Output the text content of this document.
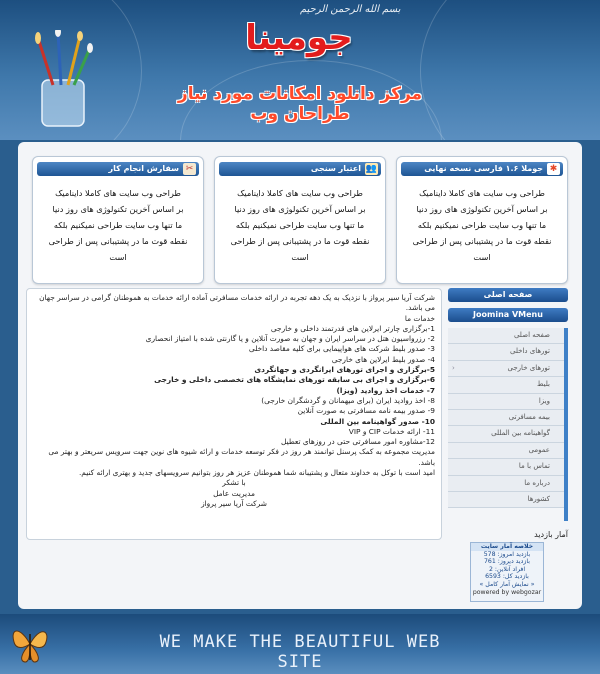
بسم الله الرحمن الرحيم
جومینا
مرکز دانلود امکانات مورد نیاز طراحان وب
جوملا ۱.۶ فارسی نسخه نهایی ✱
طراحی وب سایت های کاملا داینامیک
بر اساس آخرین تکنولوژی های روز دنیا
ما تنها وب سایت طراحی نمیکنیم بلکه
نقطه قوت ما در پشتیبانی پس از طراحی است
اعتبار سنجی 👥
طراحی وب سایت های کاملا داینامیک
بر اساس آخرین تکنولوژی های روز دنیا
ما تنها وب سایت طراحی نمیکنیم بلکه
نقطه قوت ما در پشتیبانی پس از طراحی است
سفارش انجام کار ✂
طراحی وب سایت های کاملا داینامیک
بر اساس آخرین تکنولوژی های روز دنیا
ما تنها وب سایت طراحی نمیکنیم بلکه
نقطه قوت ما در پشتیبانی پس از طراحی است
شرکت آریا سیر پرواز با نزدیک به یک دهه تجربه در ارائه خدمات مسافرتی آماده ارائه خدمات به هموطنان گرامی در سراسر جهان
می باشد.
خدمات ما
1-برگزاری چارتر ایرلاین های قدرتمند داخلی و خارجی
2- رزرواسیون هتل در سراسر ایران و جهان به صورت آنلاین و یا گارنتی شده با امتیاز انحصاری
3- صدور بلیط شرکت های هواپیمایی برای کلیه مقاصد داخلی
4- صدور بلیط ایرلاین های خارجی
5-برگزاری و اجرای تورهای ایرانگردی و جهانگردی
6-برگزاری و اجرای بی سابقه تورهای نمایشگاه های تخصصی داخلی و خارجی
7- خدمات اخذ روادید (ویزا)
8- اخذ روادید ایران (برای میهمانان و گردشگران خارجی)
9- صدور بیمه نامه مسافرتی به صورت آنلاین
10- صدور گواهینامه بین المللی
11- ارائه خدمات CIP و VIP
12-مشاوره امور مسافرتی حتی در روزهای تعطیل
مدیریت مجموعه به کمک پرسنل توانمند هر روز در فکر توسعه خدمات و ارائه شیوه های نوین جهت سرویس سریعتر و بهتر می
باشد.
امید است با توکل به خداوند متعال و پشتیبانه شما هموطنان عزیز هر روز بتوانیم سرویسهای جدید و بهتری ارائه کنیم.
با تشکر
مدیریت عامل
شرکت آریا سیر پرواز
صفحه اصلی
Joomina VMenu
صفحه اصلی
تورهای داخلی
‹	تورهای خارجی
بلیط
ویزا
بیمه مسافرتی
گواهینامه بین المللی
عمومی
تماس با ما
درباره ما
کشورها
آمار بازدید
خلاصه آمار سایت
بازدید امروز: 578
بازدید دیروز: 761
افراد آنلاین: 2
بازدید کل: 6593
« نمایش آمار کامل »
powered by webgozar
WE MAKE THE BEAUTIFUL WEB SITE
